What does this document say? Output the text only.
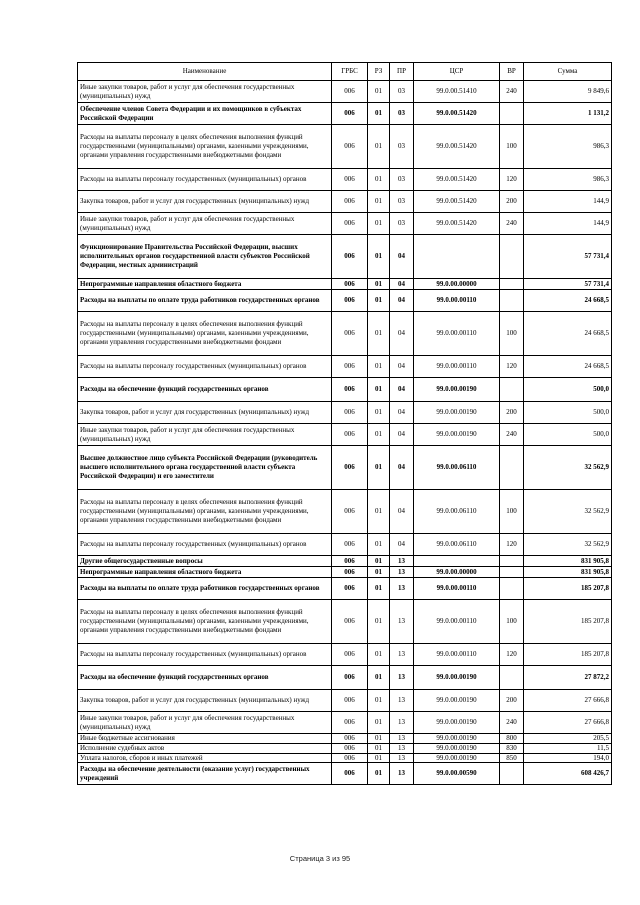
Наименование	ГРБС	РЗ	ПР	ЦСР	ВР	Сумма
Иные закупки товаров, работ и услуг для обеспечения государственных (муниципальных) нужд	006	01	03	99.0.00.51410	240	9 849,6
Обеспечение членов Совета Федерации и их помощников в субъектах Российской Федерации	006	01	03	99.0.00.51420		1 131,2
Расходы на выплаты персоналу в целях обеспечения выполнения функций государственными (муниципальными) органами, казенными учреждениями, органами управления государственными внебюджетными фондами	006	01	03	99.0.00.51420	100	986,3
Расходы на выплаты персоналу государственных (муниципальных) органов	006	01	03	99.0.00.51420	120	986,3
Закупка товаров, работ и услуг для государственных (муниципальных) нужд	006	01	03	99.0.00.51420	200	144,9
Иные закупки товаров, работ и услуг для обеспечения государственных (муниципальных) нужд	006	01	03	99.0.00.51420	240	144,9
Функционирование Правительства Российской Федерации, высших исполнительных органов государственной власти субъектов Российской Федерации, местных администраций	006	01	04			57 731,4
Непрограммные направления областного бюджета	006	01	04	99.0.00.00000		57 731,4
Расходы на выплаты по оплате труда работников государственных органов	006	01	04	99.0.00.00110		24 668,5
Расходы на выплаты персоналу в целях обеспечения выполнения функций государственными (муниципальными) органами, казенными учреждениями, органами управления государственными внебюджетными фондами	006	01	04	99.0.00.00110	100	24 668,5
Расходы на выплаты персоналу государственных (муниципальных) органов	006	01	04	99.0.00.00110	120	24 668,5
Расходы на обеспечение функций государственных органов	006	01	04	99.0.00.00190		500,0
Закупка товаров, работ и услуг для государственных (муниципальных) нужд	006	01	04	99.0.00.00190	200	500,0
Иные закупки товаров, работ и услуг для обеспечения государственных (муниципальных) нужд	006	01	04	99.0.00.00190	240	500,0
Высшее должностное лицо субъекта Российской Федерации (руководитель высшего исполнительного органа государственной власти субъекта Российской Федерации) и его заместители	006	01	04	99.0.00.06110		32 562,9
Расходы на выплаты персоналу в целях обеспечения выполнения функций государственными (муниципальными) органами, казенными учреждениями, органами управления государственными внебюджетными фондами	006	01	04	99.0.00.06110	100	32 562,9
Расходы на выплаты персоналу государственных (муниципальных) органов	006	01	04	99.0.00.06110	120	32 562,9
Другие общегосударственные вопросы	006	01	13			831 905,8
Непрограммные направления областного бюджета	006	01	13	99.0.00.00000		831 905,8
Расходы на выплаты по оплате труда работников государственных органов	006	01	13	99.0.00.00110		185 207,8
Расходы на выплаты персоналу в целях обеспечения выполнения функций государственными (муниципальными) органами, казенными учреждениями, органами управления государственными внебюджетными фондами	006	01	13	99.0.00.00110	100	185 207,8
Расходы на выплаты персоналу государственных (муниципальных) органов	006	01	13	99.0.00.00110	120	185 207,8
Расходы на обеспечение функций государственных органов	006	01	13	99.0.00.00190		27 872,2
Закупка товаров, работ и услуг для государственных (муниципальных) нужд	006	01	13	99.0.00.00190	200	27 666,8
Иные закупки товаров, работ и услуг для обеспечения государственных (муниципальных) нужд	006	01	13	99.0.00.00190	240	27 666,8
Иные бюджетные ассигнования	006	01	13	99.0.00.00190	800	205,5
Исполнение судебных актов	006	01	13	99.0.00.00190	830	11,5
Уплата налогов, сборов и иных платежей	006	01	13	99.0.00.00190	850	194,0
Расходы на обеспечение деятельности (оказание услуг) государственных учреждений	006	01	13	99.0.00.00590		608 426,7
Страница 3 из 95
